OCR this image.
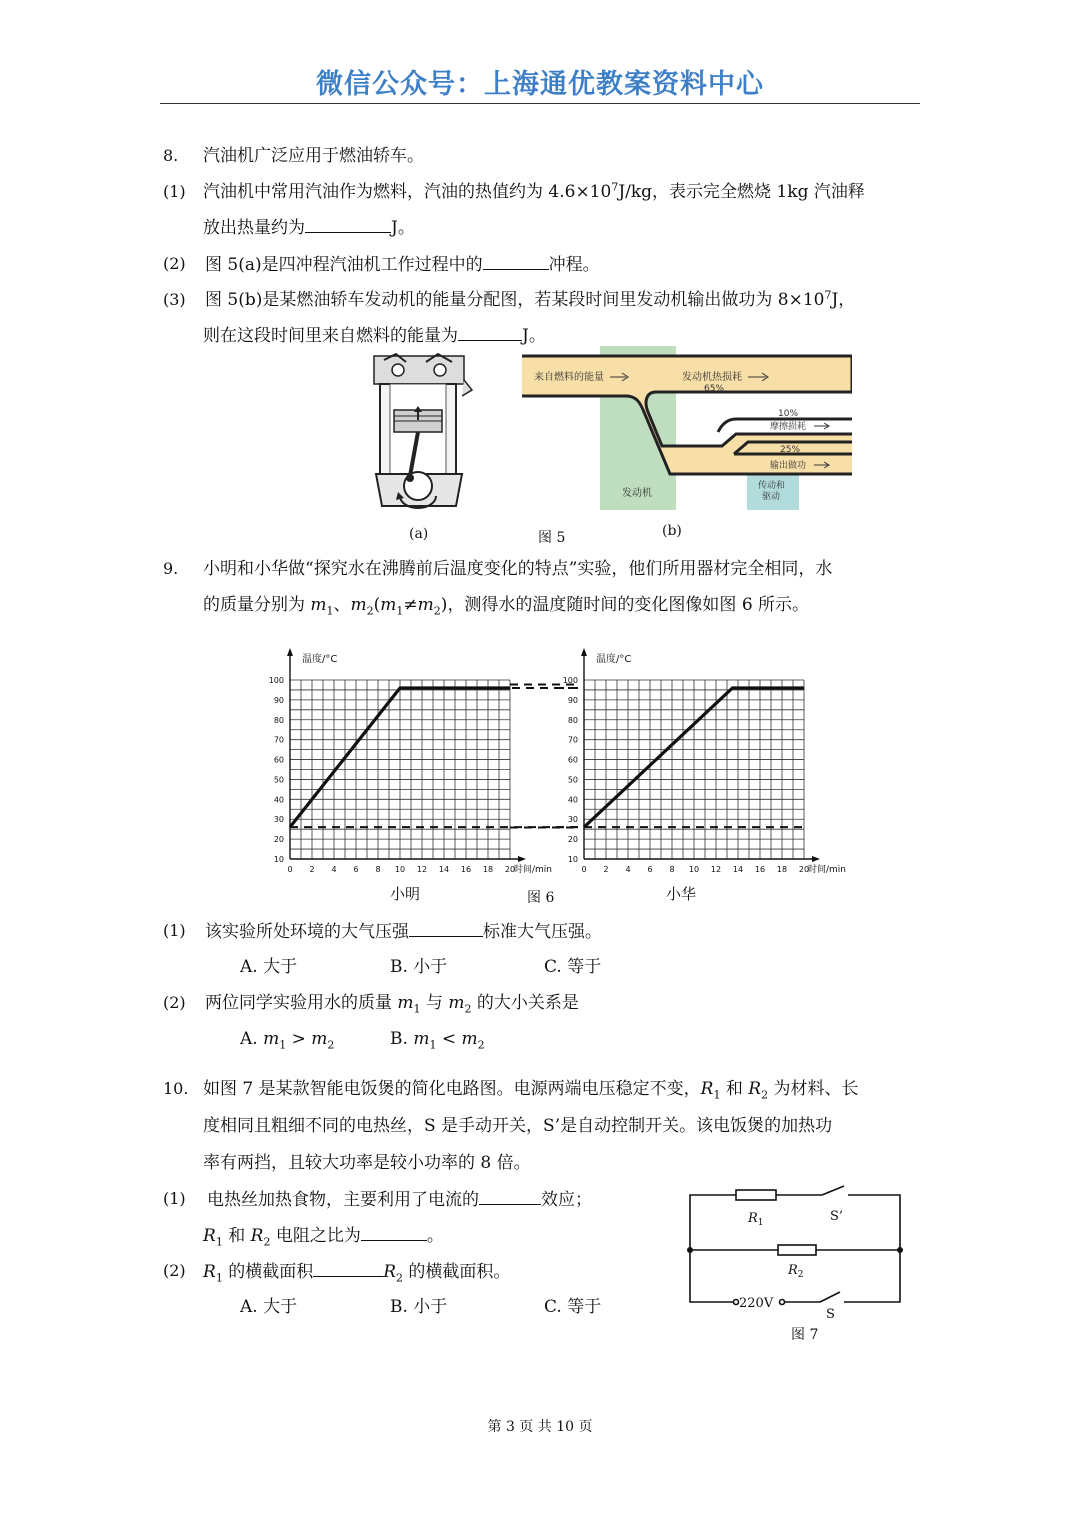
微信公众号：上海通优教案资料中心
8. 汽油机广泛应用于燃油轿车。
(1) 汽油机中常用汽油作为燃料，汽油的热值约为 $4.6\times 10^7J/kg$，表示完全燃烧 1kg 汽油释
放出热量约为	J。
(2) 图 5(a)是四冲程汽油机工作过程中的	冲程。
(3) 图 5(b)是某燃油轿车发动机的能量分配图，若某段时间里发动机输出做功为 $8\times 10^7J$，
则在这段时间里来自燃料的能量为	J。
来自燃料的能量	发动机热损耗
65%
10%
摩擦损耗
25%
输出做功
发动机
传动和
驱动
(a)	图 5	(b)
9. 小明和小华做“探究水在沸腾前后温度变化的特点”实验，他们所用器材完全相同，水
的质量分别为 $m_1$、$m_2(m_1\ne m_2)$，测得水的温度随时间的变化图像如图 6 所示。
100
90
80
70
60
50
40
30
20
10
0 2 4 6 8 10 12 14 16 18 20
温度/°C
时间/min
100
90
80
70
60
50
40
30
20
10
0 2 4 6 8 10 12 14 16 18 20
温度/°C
时间/min
小明	图 6	小华
(1) 该实验所处环境的大气压强	标准大气压强。
A. 大于	B. 小于	C. 等于
(2) 两位同学实验用水的质量 $m_1$ 与 $m_2$ 的大小关系是
A. $m_1 > m_2$	B. $m_1 < m_2$
10. 如图 7 是某款智能电饭煲的简化电路图。电源两端电压稳定不变，$R_1$ 和 $R_2$ 为材料、长
度相同且粗细不同的电热丝，S 是手动开关，S’是自动控制开关。该电饭煲的加热功
率有两挡，且较大功率是较小功率的 8 倍。
(1) 电热丝加热食物，主要利用了电流的	效应；
$R_1$ 和 $R_2$ 电阻之比为	。
(2) $R_1$ 的横截面积	$R_2$ 的横截面积。
A. 大于	B. 小于	C. 等于
$R_1$	S’
$R_2$
220V
S
图 7
第 3 页 共 10 页
